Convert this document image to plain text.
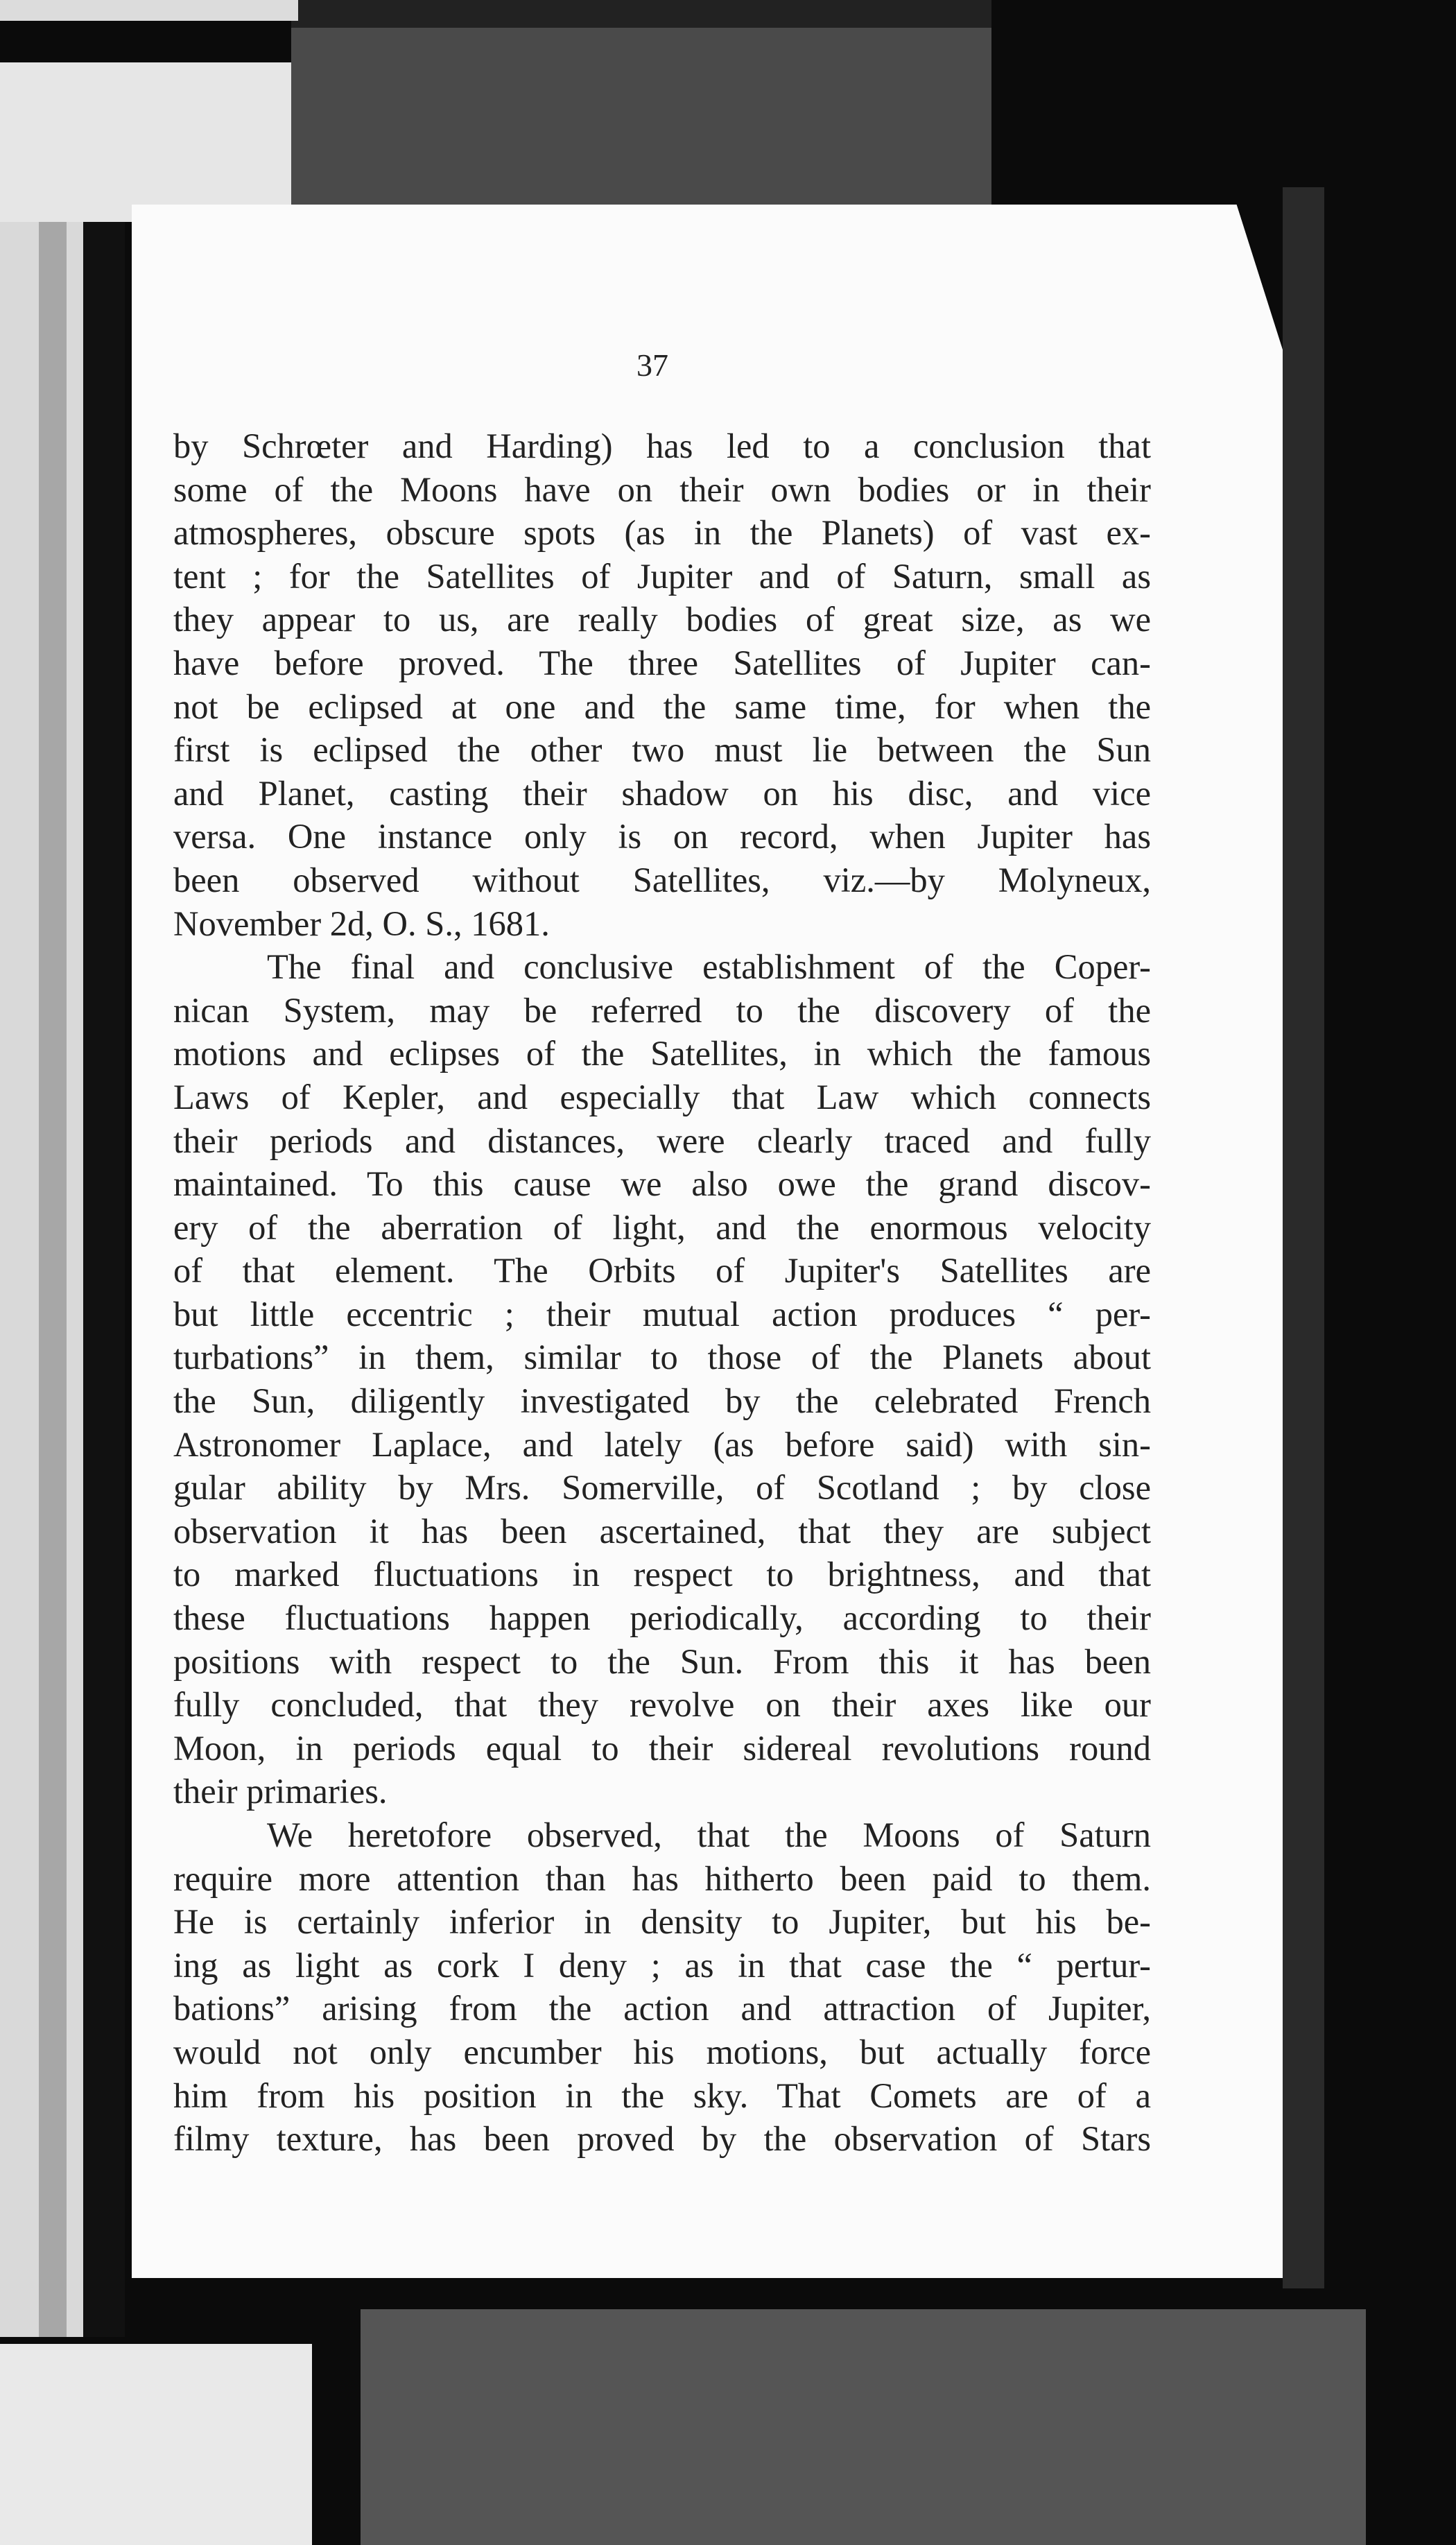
37
by Schrœter and Harding) has led to a conclusion that
some of the Moons have on their own bodies or in their
atmospheres, obscure spots (as in the Planets) of vast ex-
tent ; for the Satellites of Jupiter and of Saturn, small as
they appear to us, are really bodies of great size, as we
have before proved. The three Satellites of Jupiter can-
not be eclipsed at one and the same time, for when the
first is eclipsed the other two must lie between the Sun
and Planet, casting their shadow on his disc, and vice
versa. One instance only is on record, when Jupiter has
been observed without Satellites, viz.—by Molyneux,
November 2d, O. S., 1681.
The final and conclusive establishment of the Coper-
nican System, may be referred to the discovery of the
motions and eclipses of the Satellites, in which the famous
Laws of Kepler, and especially that Law which connects
their periods and distances, were clearly traced and fully
maintained. To this cause we also owe the grand discov-
ery of the aberration of light, and the enormous velocity
of that element. The Orbits of Jupiter's Satellites are
but little eccentric ; their mutual action produces “ per-
turbations” in them, similar to those of the Planets about
the Sun, diligently investigated by the celebrated French
Astronomer Laplace, and lately (as before said) with sin-
gular ability by Mrs. Somerville, of Scotland ; by close
observation it has been ascertained, that they are subject
to marked fluctuations in respect to brightness, and that
these fluctuations happen periodically, according to their
positions with respect to the Sun. From this it has been
fully concluded, that they revolve on their axes like our
Moon, in periods equal to their sidereal revolutions round
their primaries.
We heretofore observed, that the Moons of Saturn
require more attention than has hitherto been paid to them.
He is certainly inferior in density to Jupiter, but his be-
ing as light as cork I deny ; as in that case the “ pertur-
bations” arising from the action and attraction of Jupiter,
would not only encumber his motions, but actually force
him from his position in the sky. That Comets are of a
filmy texture, has been proved by the observation of Stars
